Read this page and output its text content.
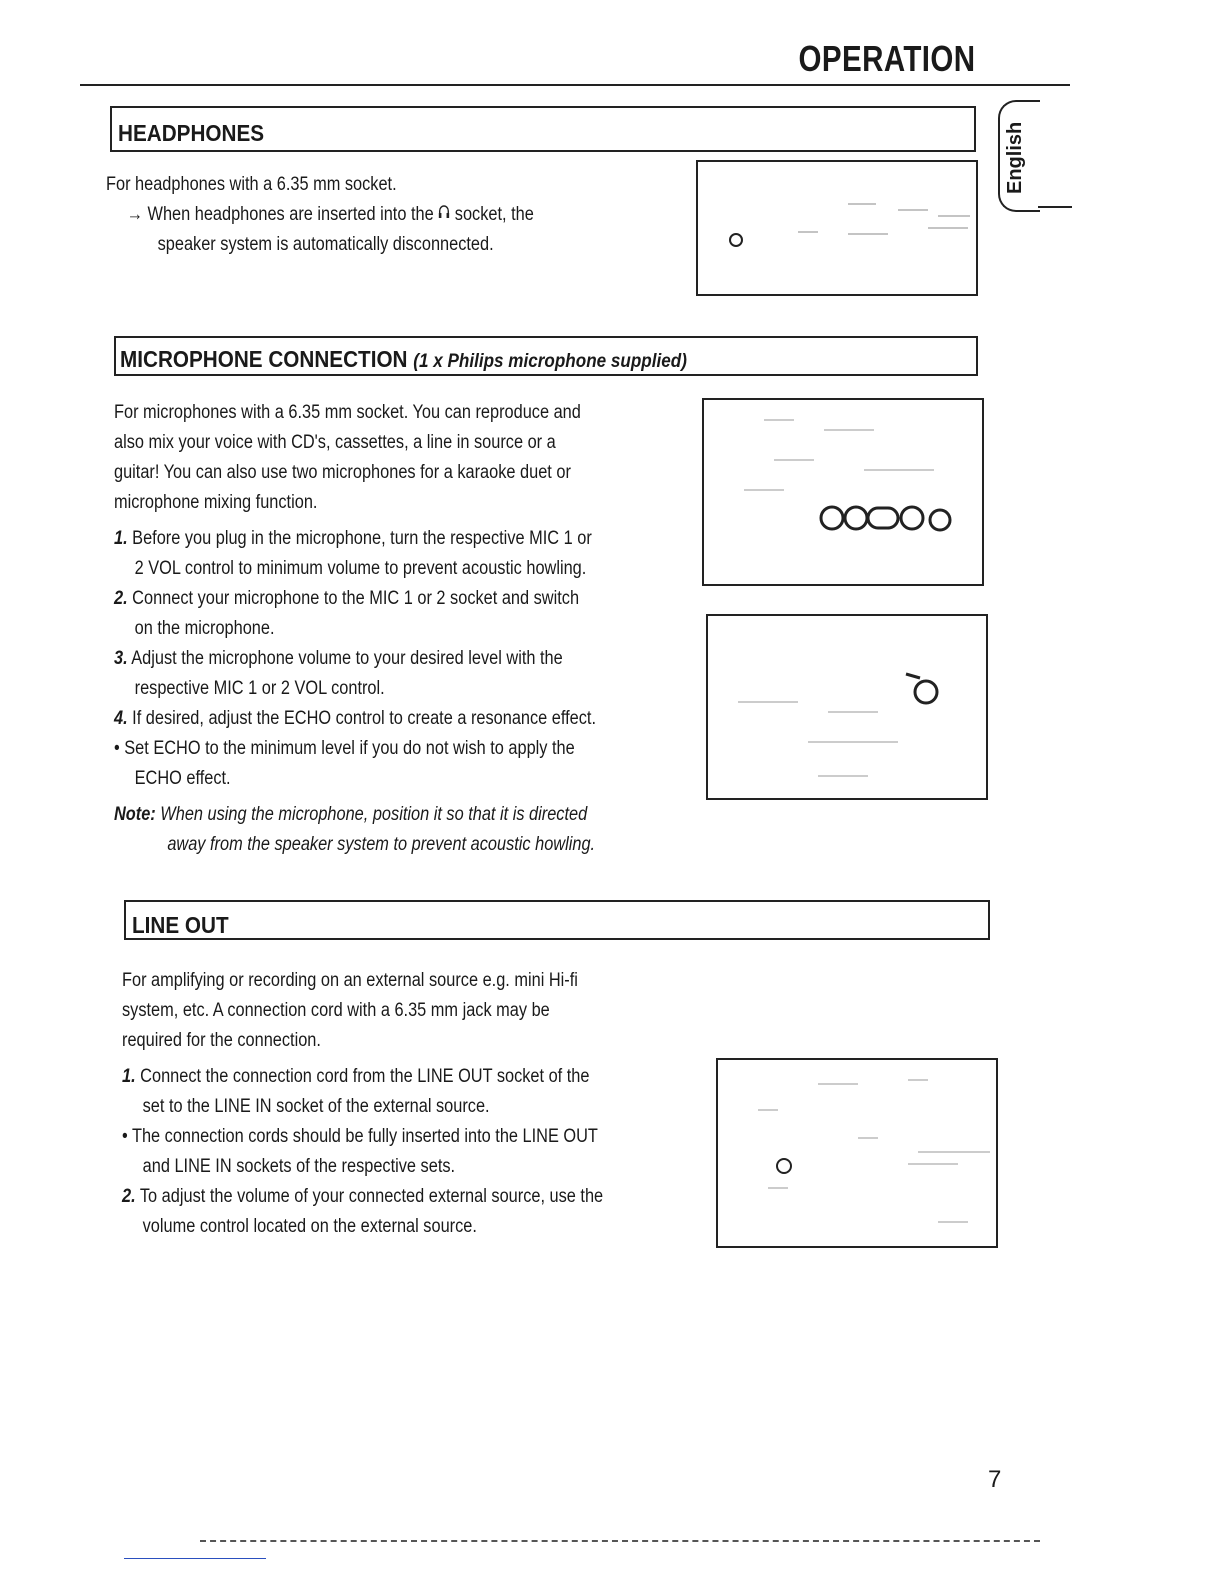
OPERATION
English
HEADPHONES
For headphones with a 6.35 mm socket.
→ When headphones are inserted into the socket, the
speaker system is automatically disconnected.
MICROPHONE CONNECTION (1 x Philips microphone supplied)
For microphones with a 6.35 mm socket. You can reproduce and
also mix your voice with CD's, cassettes, a line in source or a
guitar! You can also use two microphones for a karaoke duet or
microphone mixing function.
1. Before you plug in the microphone, turn the respective MIC 1 or
2 VOL control to minimum volume to prevent acoustic howling.
2. Connect your microphone to the MIC 1 or 2 socket and switch
on the microphone.
3. Adjust the microphone volume to your desired level with the
respective MIC 1 or 2 VOL control.
4. If desired, adjust the ECHO control to create a resonance effect.
• Set ECHO to the minimum level if you do not wish to apply the
ECHO effect.
Note: When using the microphone, position it so that it is directed
away from the speaker system to prevent acoustic howling.
LINE OUT
For amplifying or recording on an external source e.g. mini Hi-fi
system, etc. A connection cord with a 6.35 mm jack may be
required for the connection.
1. Connect the connection cord from the LINE OUT socket of the
set to the LINE IN socket of the external source.
• The connection cords should be fully inserted into the LINE OUT
and LINE IN sockets of the respective sets.
2. To adjust the volume of your connected external source, use the
volume control located on the external source.
7
